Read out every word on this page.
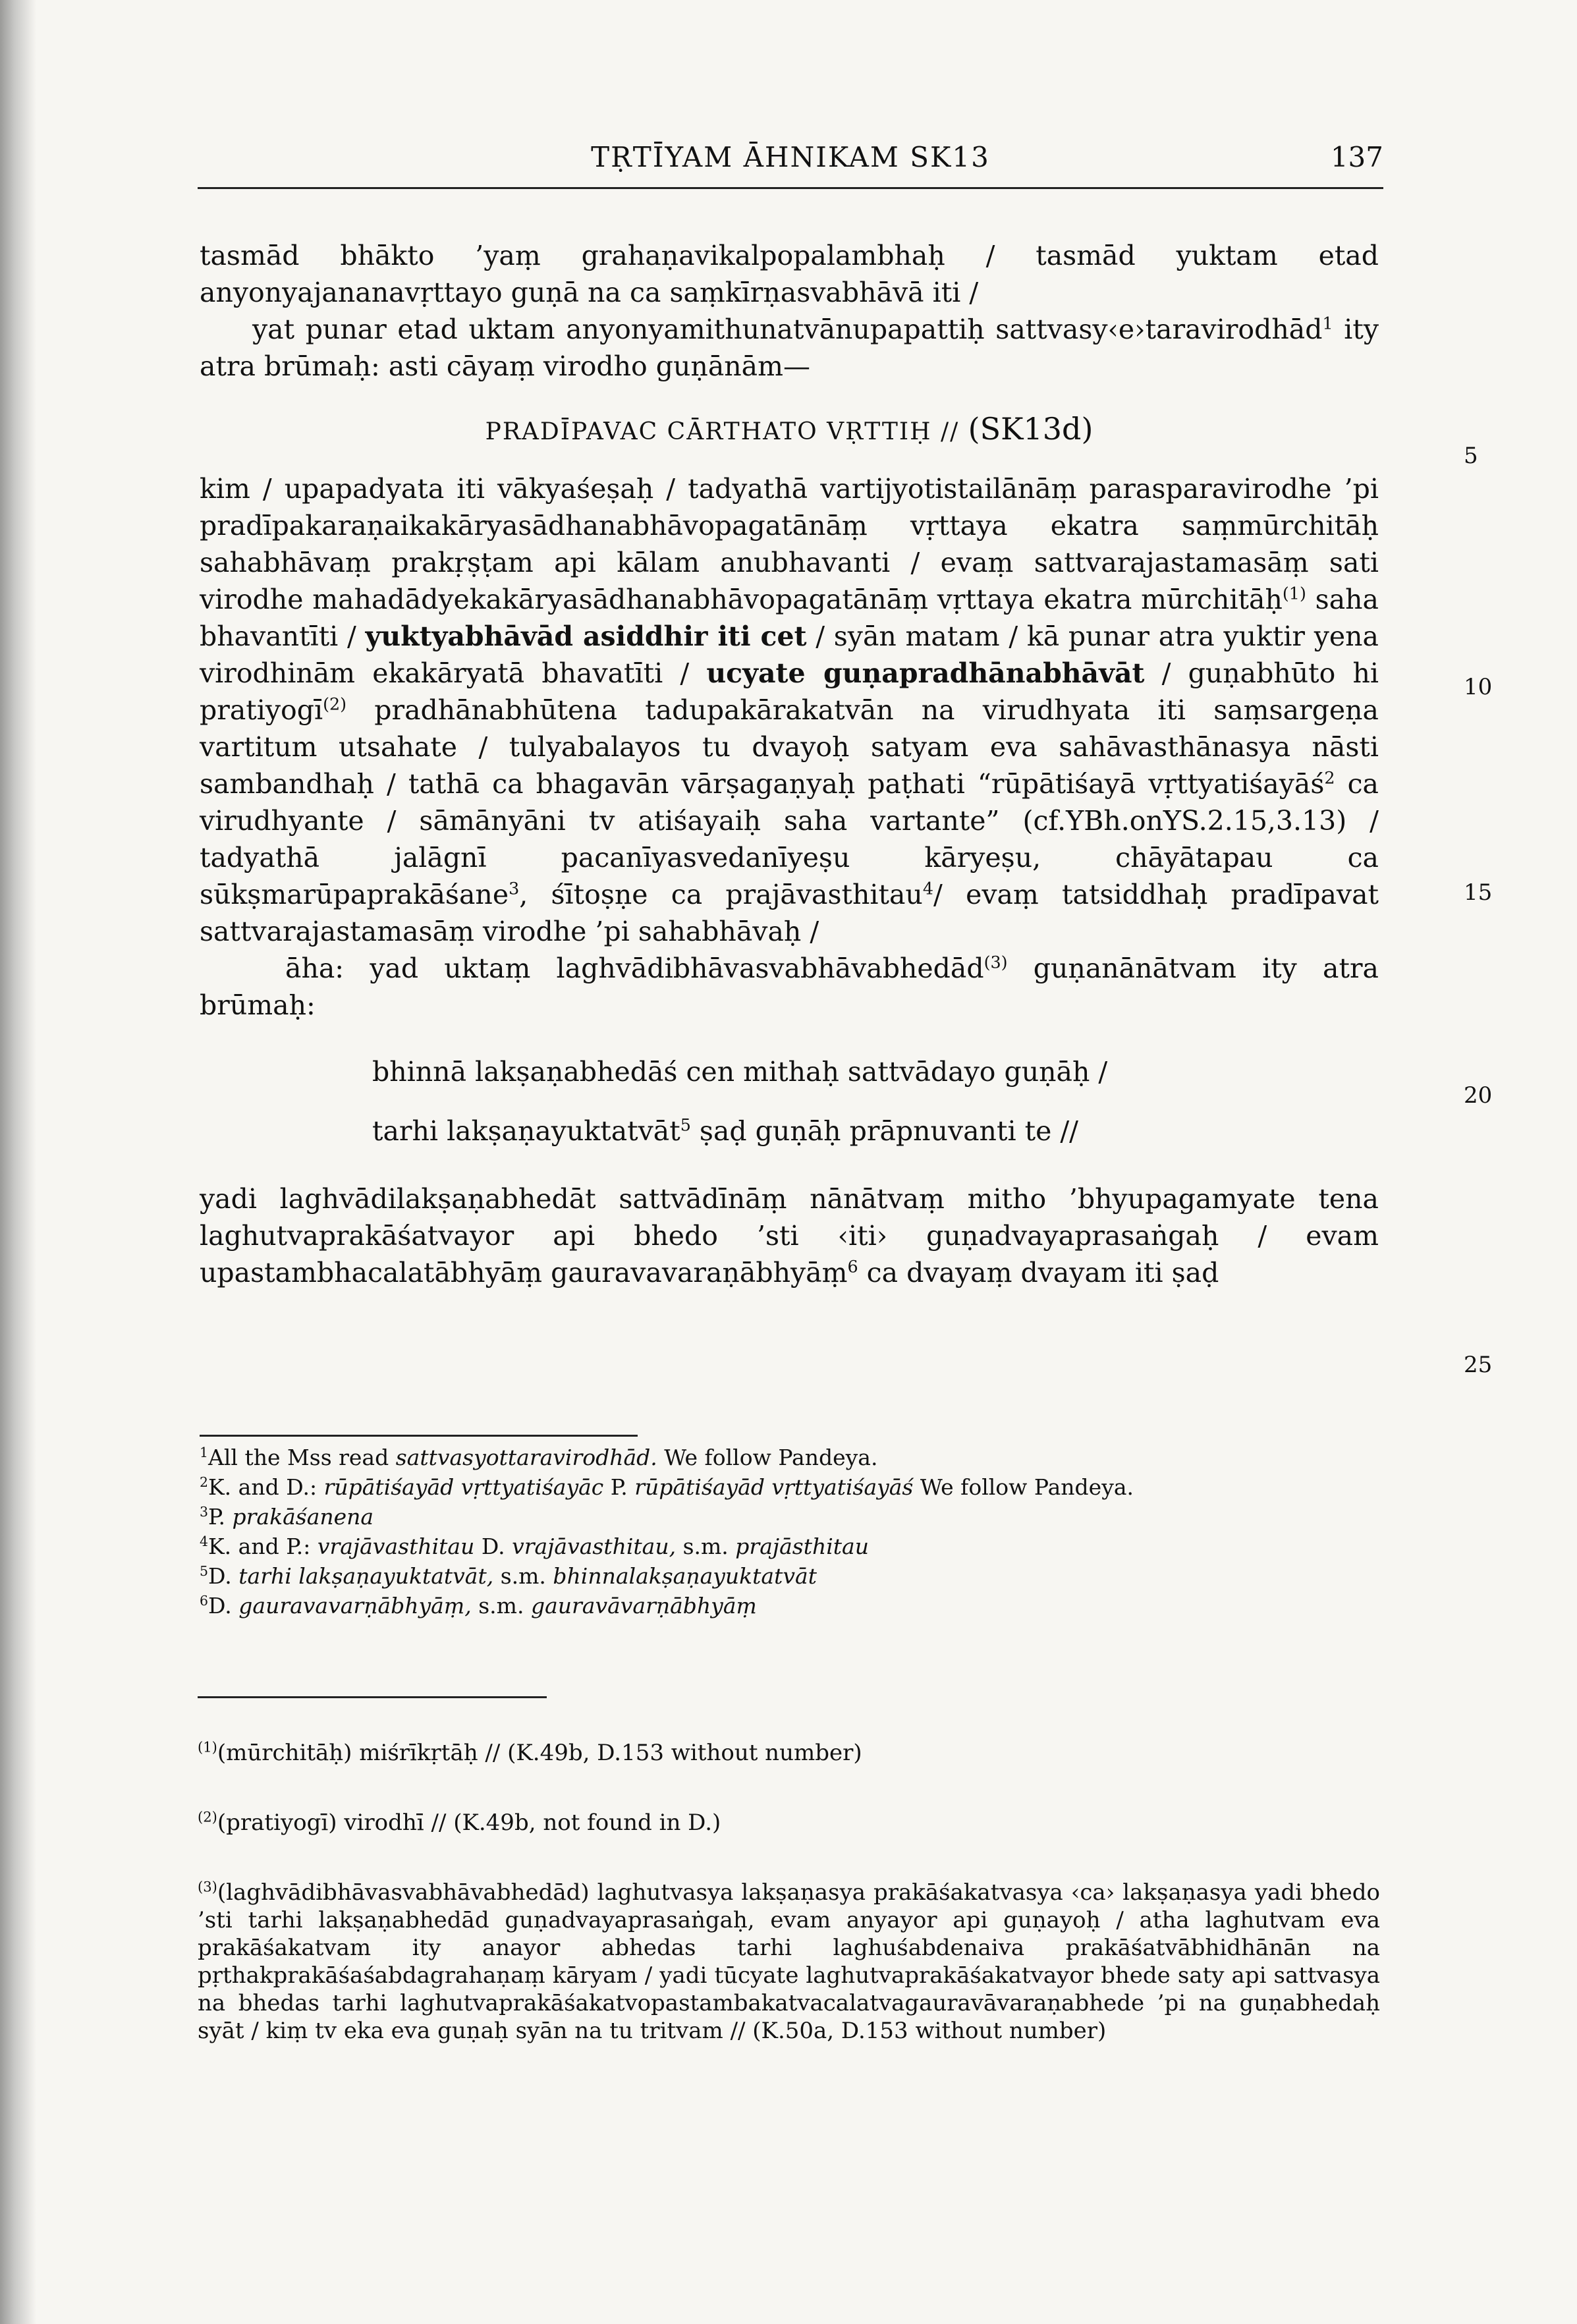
TṚTĪYAM ĀHNIKAM SK13	137

tasmād bhākto ’yaṃ grahaṇavikalpopalambhaḥ / tasmād yuktam etad anyonyajananavṛttayo guṇā na ca saṃkīrṇasvabhāvā iti /

yat punar etad uktam anyonyamithunatvānupapattiḥ sattvasy‹e›taravirodhād$^1$ ity atra brūmaḥ: asti cāyaṃ virodho guṇānām—

PRADĪPAVAC CĀRTHATO VṚTTIḤ // (SK13d)

kim / upapadyata iti vākyaśeṣaḥ / tadyathā vartijyotistailānāṃ parasparavirodhe ’pi pradīpakaraṇaikakāryasādhanabhāvopagatānāṃ vṛttaya ekatra saṃmūrchitāḥ sahabhāvaṃ prakṛṣṭam api kālam anubhavanti / evaṃ sattvarajastamasāṃ sati virodhe mahadādyekakāryasādhanabhāvopagatānāṃ vṛttaya ekatra mūrchitāḥ$^{(1)}$ saha bhavantīti / yuktyabhāvād asiddhir iti cet / syān matam / kā punar atra yuktir yena virodhinām ekakāryatā bhavatīti / ucyate guṇapradhānabhāvāt / guṇabhūto hi pratiyogī$^{(2)}$ pradhānabhūtena tadupakārakatvān na virudhyata iti saṃsargeṇa vartitum utsahate / tulyabalayos tu dvayoḥ satyam eva sahāvasthānasya nāsti sambandhaḥ / tathā ca bhagavān vārṣagaṇyaḥ paṭhati “rūpātiśayā vṛttyatiśayāś$^2$ ca virudhyante / sāmānyāni tv atiśayaiḥ saha vartante” (cf.YBh.onYS.2.15,3.13) / tadyathā jalāgnī pacanīyasvedanīyeṣu kāryeṣu, chāyātapau ca sūkṣmarūpaprakāśane$^3$, śītoṣṇe ca prajāvasthitau$^4$/ evaṃ tatsiddhaḥ pradīpavat sattvarajastamasāṃ virodhe ’pi sahabhāvaḥ /

āha: yad uktaṃ laghvādibhāvasvabhāvabhedād$^{(3)}$ guṇanānātvam ity atra brūmaḥ:

bhinnā lakṣaṇabhedāś cen mithaḥ sattvādayo guṇāḥ /
tarhi lakṣaṇayuktatvāt$^5$ ṣaḍ guṇāḥ prāpnuvanti te //

yadi laghvādilakṣaṇabhedāt sattvādīnāṃ nānātvaṃ mitho ’bhyupagamyate tena laghutvaprakāśatvayor api bhedo ’sti ‹iti› guṇadvayaprasaṅgaḥ / evam upastambhacalatābhyāṃ gauravavaraṇābhyāṃ$^6$ ca dvayaṃ dvayam iti ṣaḍ

5
10
15
20
25
$^1$All the Mss read sattvasyottaravirodhād. We follow Pandeya.
$^2$K. and D.: rūpātiśayād vṛttyatiśayāc P. rūpātiśayād vṛttyatiśayāś We follow Pandeya.
$^3$P. prakāśanena
$^4$K. and P.: vrajāvasthitau D. vrajāvasthitau, s.m. prajāsthitau
$^5$D. tarhi lakṣaṇayuktatvāt, s.m. bhinnalakṣaṇayuktatvāt
$^6$D. gauravavarṇābhyāṃ, s.m. gauravāvarṇābhyāṃ

$^{(1)}$(mūrchitāḥ) miśrīkṛtāḥ // (K.49b, D.153 without number)

$^{(2)}$(pratiyogī) virodhī // (K.49b, not found in D.)

$^{(3)}$(laghvādibhāvasvabhāvabhedād) laghutvasya lakṣaṇasya prakāśakatvasya ‹ca› lakṣaṇasya yadi bhedo ’sti tarhi lakṣaṇabhedād guṇadvayaprasaṅgaḥ, evam anyayor api guṇayoḥ / atha laghutvam eva prakāśakatvam ity anayor abhedas tarhi laghuśabdenaiva prakāśatvābhidhānān na pṛthakprakāśaśabdagrahaṇaṃ kāryam / yadi tūcyate laghutvaprakāśakatvayor bhede saty api sattvasya na bhedas tarhi laghutvaprakāśakatvopastambakatvacalatvagauravāvaraṇabhede ’pi na guṇabhedaḥ syāt / kiṃ tv eka eva guṇaḥ syān na tu tritvam // (K.50a, D.153 without number)
